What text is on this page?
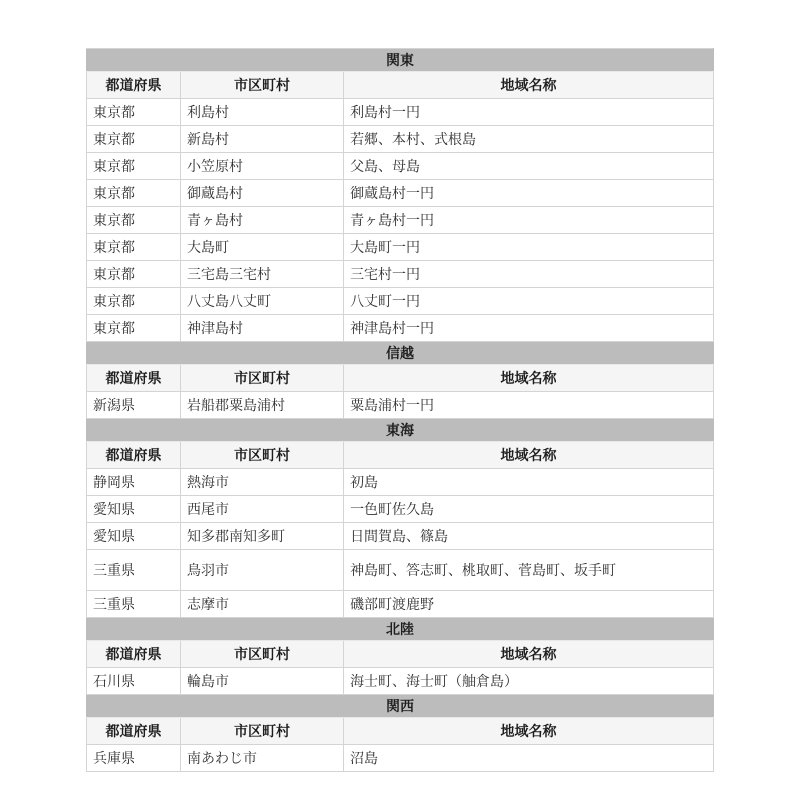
関東		
都道府県	市区町村	地域名称
東京都	利島村	利島村一円
東京都	新島村	若郷、本村、式根島
東京都	小笠原村	父島、母島
東京都	御蔵島村	御蔵島村一円
東京都	青ヶ島村	青ヶ島村一円
東京都	大島町	大島町一円
東京都	三宅島三宅村	三宅村一円
東京都	八丈島八丈町	八丈町一円
東京都	神津島村	神津島村一円
信越		
都道府県	市区町村	地域名称
新潟県	岩船郡粟島浦村	粟島浦村一円
東海		
都道府県	市区町村	地域名称
静岡県	熱海市	初島
愛知県	西尾市	一色町佐久島
愛知県	知多郡南知多町	日間賀島、篠島
三重県	鳥羽市	神島町、答志町、桃取町、菅島町、坂手町
三重県	志摩市	磯部町渡鹿野
北陸		
都道府県	市区町村	地域名称
石川県	輪島市	海士町、海士町（舳倉島）
関西		
都道府県	市区町村	地域名称
兵庫県	南あわじ市	沼島
